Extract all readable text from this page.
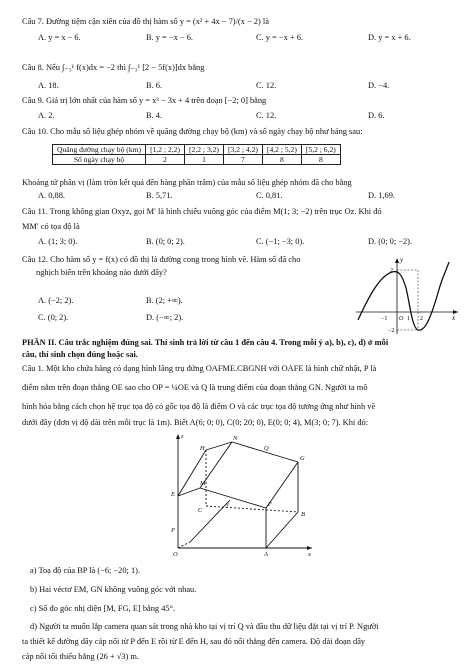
Câu 7. Đường tiệm cận xiên của đồ thị hàm số y = (x² + 4x − 7)/(x − 2) là
A. y = x − 6.	B. y = −x − 6.	C. y = −x + 6.	D. y = x + 6.
Câu 8. Nếu ∫₋₃¹ f(x)dx = −2 thì ∫₋₃¹ [2 − 5f(x)]dx bằng
A. 18.	B. 6.	C. 12.	D. −4.
Câu 9. Giá trị lớn nhất của hàm số y = x³ − 3x + 4 trên đoạn [−2; 0] bằng
A. 2.	B. 4.	C. 12.	D. 6.
Câu 10. Cho mẫu số liệu ghép nhóm về quãng đường chạy bộ (km) và số ngày chạy bộ như bảng sau:
Quãng đường chạy bộ (km)	[1,2 ; 2,2)	[2,2 ; 3,2)	[3,2 ; 4,2)	[4,2 ; 5,2)	[5,2 ; 6,2)
Số ngày chạy bộ	2	1	7	8	8
Khoảng tứ phân vị (làm tròn kết quả đến hàng phần trăm) của mẫu số liệu ghép nhóm đã cho bằng
A. 0,88.	B. 5,71.	C. 0,81.	D. 1,69.
Câu 11. Trong không gian Oxyz, gọi M′ là hình chiếu vuông góc của điểm M(1; 3; −2) trên trục Oz. Khi đó
MM′ có tọa độ là
A. (1; 3; 0).	B. (0; 0; 2).	C. (−1; −3; 0).	D. (0; 0; −2).
Câu 12. Cho hàm số y = f(x) có đồ thị là đường cong trong hình vẽ. Hàm số đã cho
nghịch biến trên khoảng nào dưới đây?
A. (−2; 2).	B. (2; +∞).
C. (0; 2).	D. (−∞; 2).	x
y
O
−1	1 2
2
−2
PHẦN II. Câu trắc nghiệm đúng sai. Thí sinh trả lời từ câu 1 đến câu 4. Trong mỗi ý a), b), c), d) ở mỗi
câu, thí sinh chọn đúng hoặc sai.
Câu 1. Một kho chứa hàng có dạng hình lăng trụ đứng OAFME.CBGNH với OAFE là hình chữ nhật, P là
điểm nằm trên đoạn thẳng OE sao cho OP = ¼OE và Q là trung điểm của đoạn thẳng GN. Người ta mô
hình hóa bằng cách chọn hệ trục tọa độ có gốc tọa độ là điểm O và các trục tọa độ tương ứng như hình vẽ
dưới đây (đơn vị độ dài trên mỗi trục là 1m). Biết A(6; 0; 0), C(0; 20; 0), E(0; 0; 4), M(3; 0; 7). Khi đó:
z
y
x
O	A
B
C
E
F
G
H
M
N
P
Q
a) Toạ độ của BP là (−6; −20; 1).
b) Hai véctơ EM, GN không vuông góc với nhau.
c) Số đo góc nhị diện [M, FG, E] bằng 45°.
d) Người ta muốn lắp camera quan sát trong nhà kho tại vị trí Q và đầu thu dữ liệu đặt tại vị trí P. Người
ta thiết kế đường dây cáp nối từ P đến E rồi từ E đến H, sau đó nối thẳng đến camera. Độ dài đoạn dây
cáp nối tối thiểu bằng (26 + √3) m.
